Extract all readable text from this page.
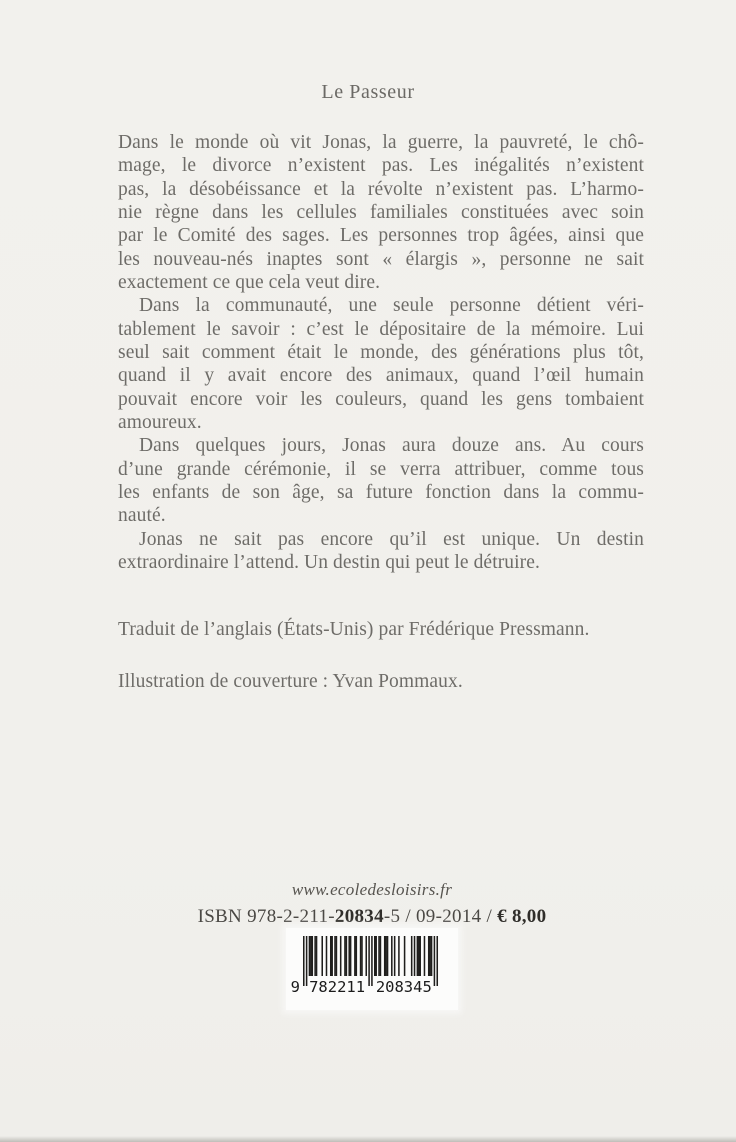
Le Passeur
Dans le monde où vit Jonas, la guerre, la pauvreté, le chô-
mage, le divorce n’existent pas. Les inégalités n’existent
pas, la désobéissance et la révolte n’existent pas. L’harmo-
nie règne dans les cellules familiales constituées avec soin
par le Comité des sages. Les personnes trop âgées, ainsi que
les nouveau-nés inaptes sont « élargis », personne ne sait
exactement ce que cela veut dire.
Dans la communauté, une seule personne détient véri-
tablement le savoir : c’est le dépositaire de la mémoire. Lui
seul sait comment était le monde, des générations plus tôt,
quand il y avait encore des animaux, quand l’œil humain
pouvait encore voir les couleurs, quand les gens tombaient
amoureux.
Dans quelques jours, Jonas aura douze ans. Au cours
d’une grande cérémonie, il se verra attribuer, comme tous
les enfants de son âge, sa future fonction dans la commu-
nauté.
Jonas ne sait pas encore qu’il est unique. Un destin
extraordinaire l’attend. Un destin qui peut le détruire.
Traduit de l’anglais (États-Unis) par Frédérique Pressmann.
Illustration de couverture : Yvan Pommaux.
www.ecoledesloisirs.fr
ISBN 978-2-211-20834-5 / 09-2014 / € 8,00
9 782211 208345
